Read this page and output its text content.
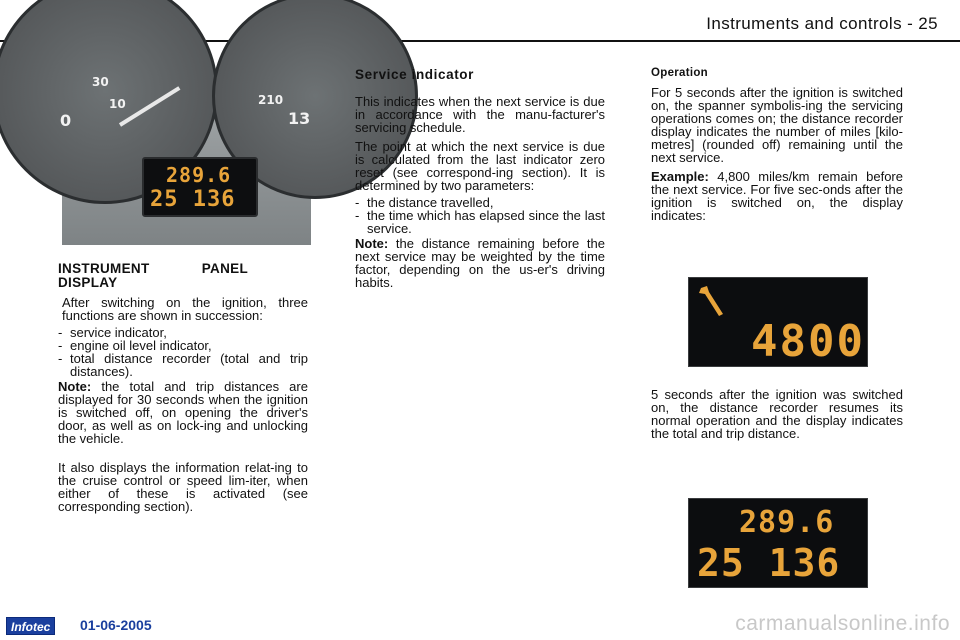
Instruments and controls - 25
30
10
0
210
13
289.6
25 136

INSTRUMENT PANEL DISPLAY

After switching on the ignition, three functions are shown in succession:

- service indicator,
- engine oil level indicator,
- total distance recorder (total and trip distances).

Note: the total and trip distances are displayed for 30 seconds when the ignition is switched off, on opening the driver's door, as well as on lock-ing and unlocking the vehicle.

It also displays the information relat-ing to the cruise control or speed lim-iter, when either of these is activated (see corresponding section).

Service indicator

This indicates when the next service is due in accordance with the manu-facturer's servicing schedule.

The point at which the next service is due is calculated from the last indicator zero reset (see correspond-ing section). It is determined by two parameters:

- the distance travelled,
- the time which has elapsed since the last service.

Note: the distance remaining before the next service may be weighted by the time factor, depending on the us-er's driving habits.

Operation

For 5 seconds after the ignition is switched on, the spanner symbolis-ing the servicing operations comes on; the distance recorder display indicates the number of miles [kilo-metres] (rounded off) remaining until the next service.

Example: 4,800 miles/km remain before the next service. For five sec-onds after the ignition is switched on, the display indicates:

4800

5 seconds after the ignition was switched on, the distance recorder resumes its normal operation and the display indicates the total and trip distance.

289.6
25 136
Infotec	01-06-2005	carmanualsonline.info
